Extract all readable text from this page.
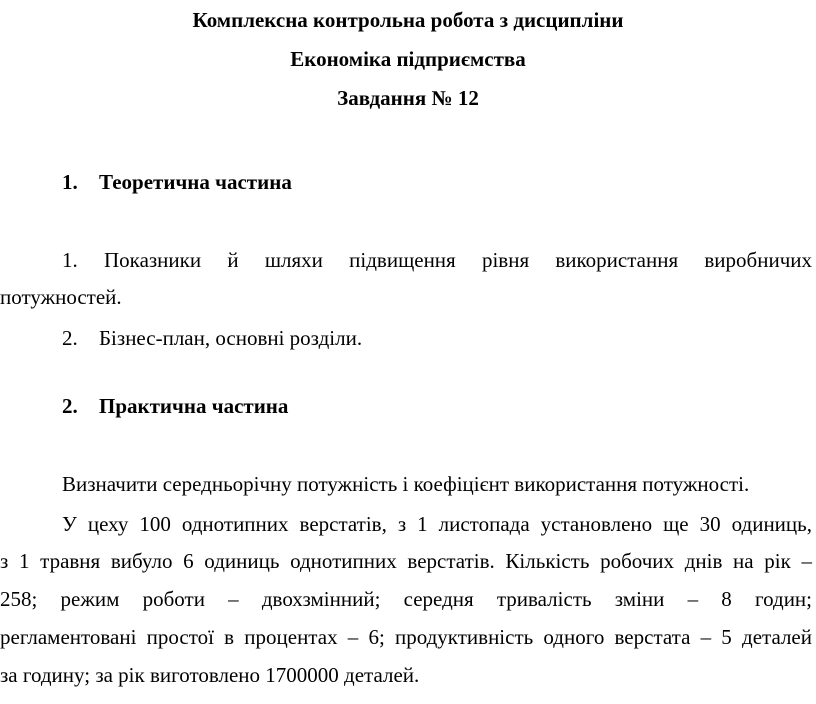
Комплексна контрольна робота з дисципліни
Економіка підприємства
Завдання № 12
1. Теоретична частина
1. Показники й шляхи підвищення рівня використання виробничих
потужностей.
2. Бізнес-план, основні розділи.
2. Практична частина
Визначити середньорічну потужність і коефіцієнт використання потужності.
У цеху 100 однотипних верстатів, з 1 листопада установлено ще 30 одиниць,
з 1 травня вибуло 6 одиниць однотипних верстатів. Кількість робочих днів на рік –
258; режим роботи – двохзмінний; середня тривалість зміни – 8 годин;
регламентовані простої в процентах – 6; продуктивність одного верстата – 5 деталей
за годину; за рік виготовлено 1700000 деталей.
